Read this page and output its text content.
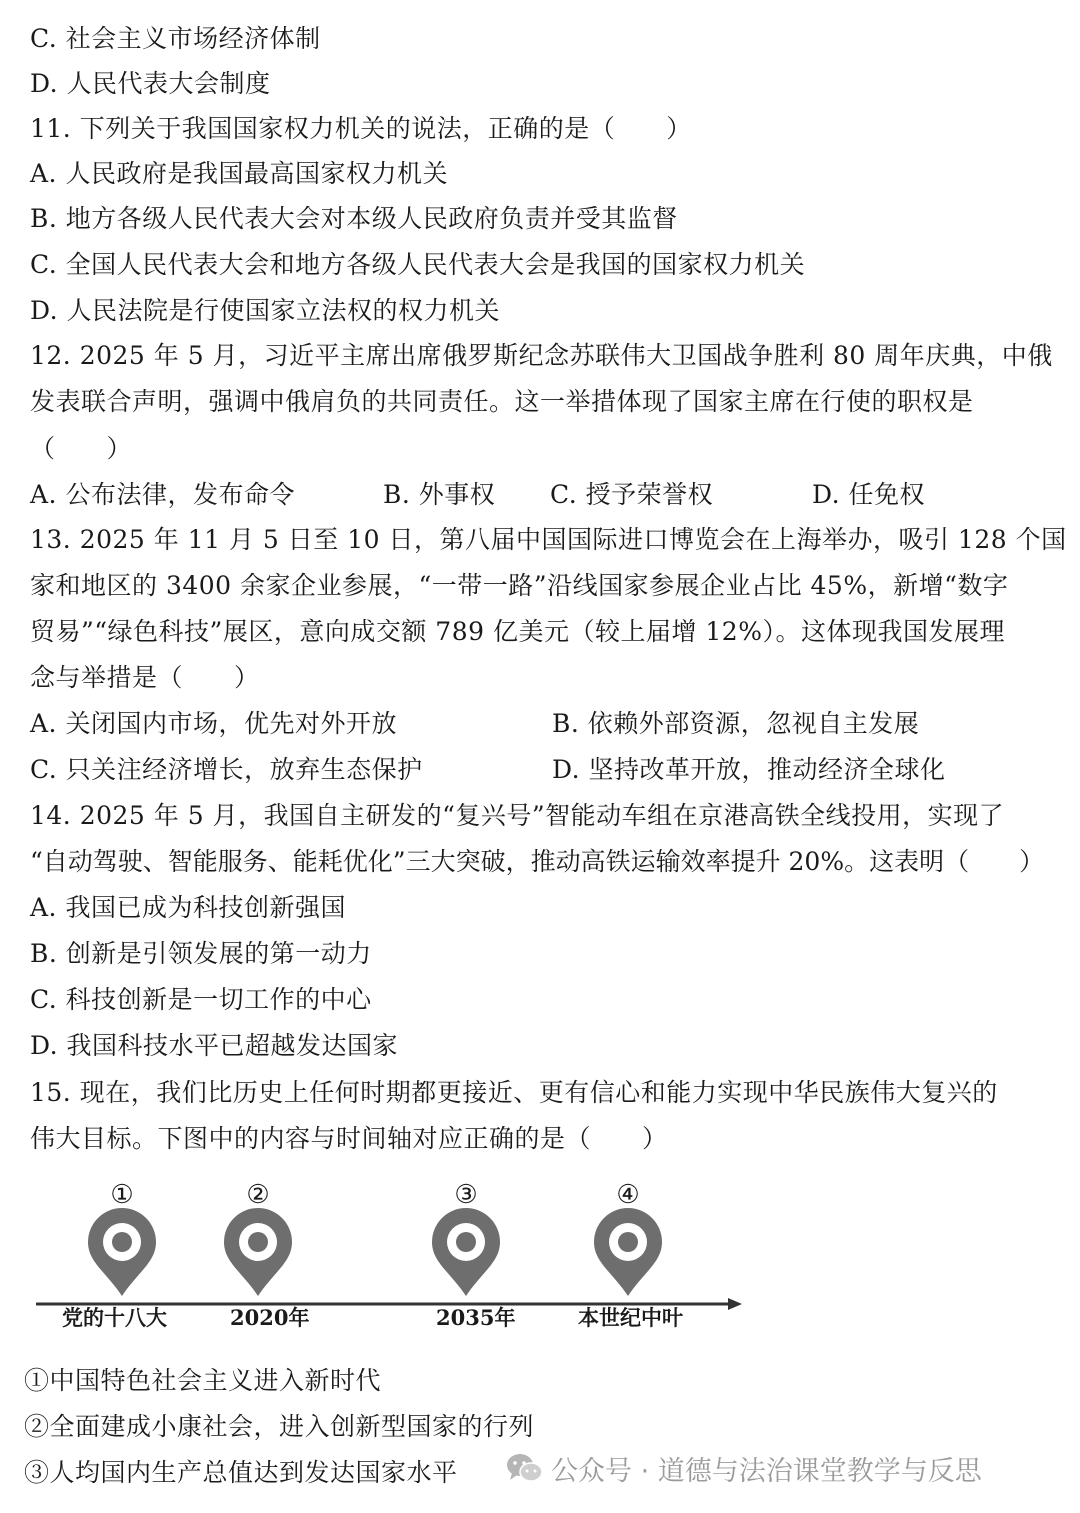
C. 社会主义市场经济体制
D. 人民代表大会制度
11. 下列关于我国国家权力机关的说法，正确的是（　　）
A. 人民政府是我国最高国家权力机关
B. 地方各级人民代表大会对本级人民政府负责并受其监督
C. 全国人民代表大会和地方各级人民代表大会是我国的国家权力机关
D. 人民法院是行使国家立法权的权力机关
12. 2025 年 5 月，习近平主席出席俄罗斯纪念苏联伟大卫国战争胜利 80 周年庆典，中俄
发表联合声明，强调中俄肩负的共同责任。这一举措体现了国家主席在行使的职权是
（　　）
A. 公布法律，发布命令	B. 外事权 C. 授予荣誉权	D. 任免权
13. 2025 年 11 月 5 日至 10 日，第八届中国国际进口博览会在上海举办，吸引 128 个国
家和地区的 3400 余家企业参展，“一带一路”沿线国家参展企业占比 45%，新增“数字
贸易”“绿色科技”展区，意向成交额 789 亿美元（较上届增 12%）。这体现我国发展理
念与举措是（　　）
A. 关闭国内市场，优先对外开放	B. 依赖外部资源，忽视自主发展
C. 只关注经济增长，放弃生态保护	D. 坚持改革开放，推动经济全球化
14. 2025 年 5 月，我国自主研发的“复兴号”智能动车组在京港高铁全线投用，实现了
“自动驾驶、智能服务、能耗优化”三大突破，推动高铁运输效率提升 20%。这表明（　　）
A. 我国已成为科技创新强国
B. 创新是引领发展的第一动力
C. 科技创新是一切工作的中心
D. 我国科技水平已超越发达国家
15. 现在，我们比历史上任何时期都更接近、更有信心和能力实现中华民族伟大复兴的
伟大目标。下图中的内容与时间轴对应正确的是（　　）
①	②	③	④
党的十八大	2020年	2035年	本世纪中叶
①中国特色社会主义进入新时代
②全面建成小康社会，进入创新型国家的行列
③人均国内生产总值达到发达国家水平	公众号 · 道德与法治课堂教学与反思
